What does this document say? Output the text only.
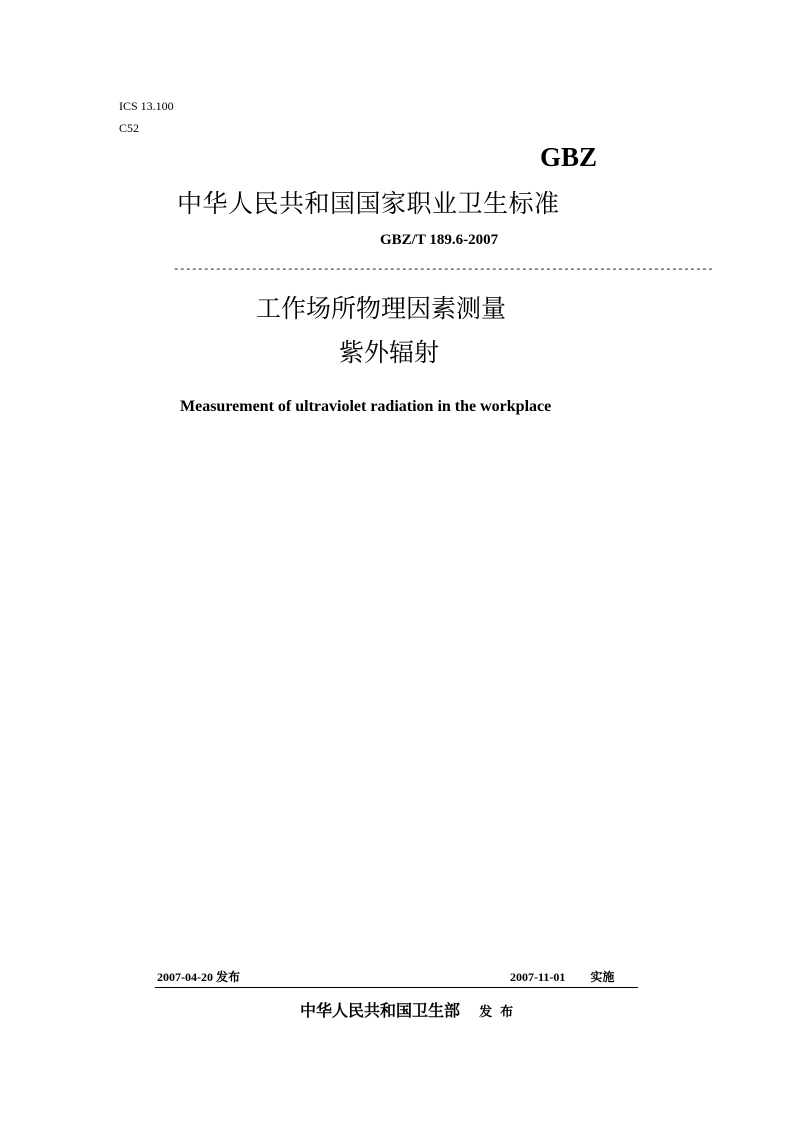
ICS 13.100
C52
GBZ
中华人民共和国国家职业卫生标准
GBZ/T 189.6-2007
------------------------------------------------------------------------------------------
工作场所物理因素测量
紫外辐射
Measurement of ultraviolet radiation in the workplace
2007-04-20 发布	2007-11-01 实施
中华人民共和国卫生部 发布
